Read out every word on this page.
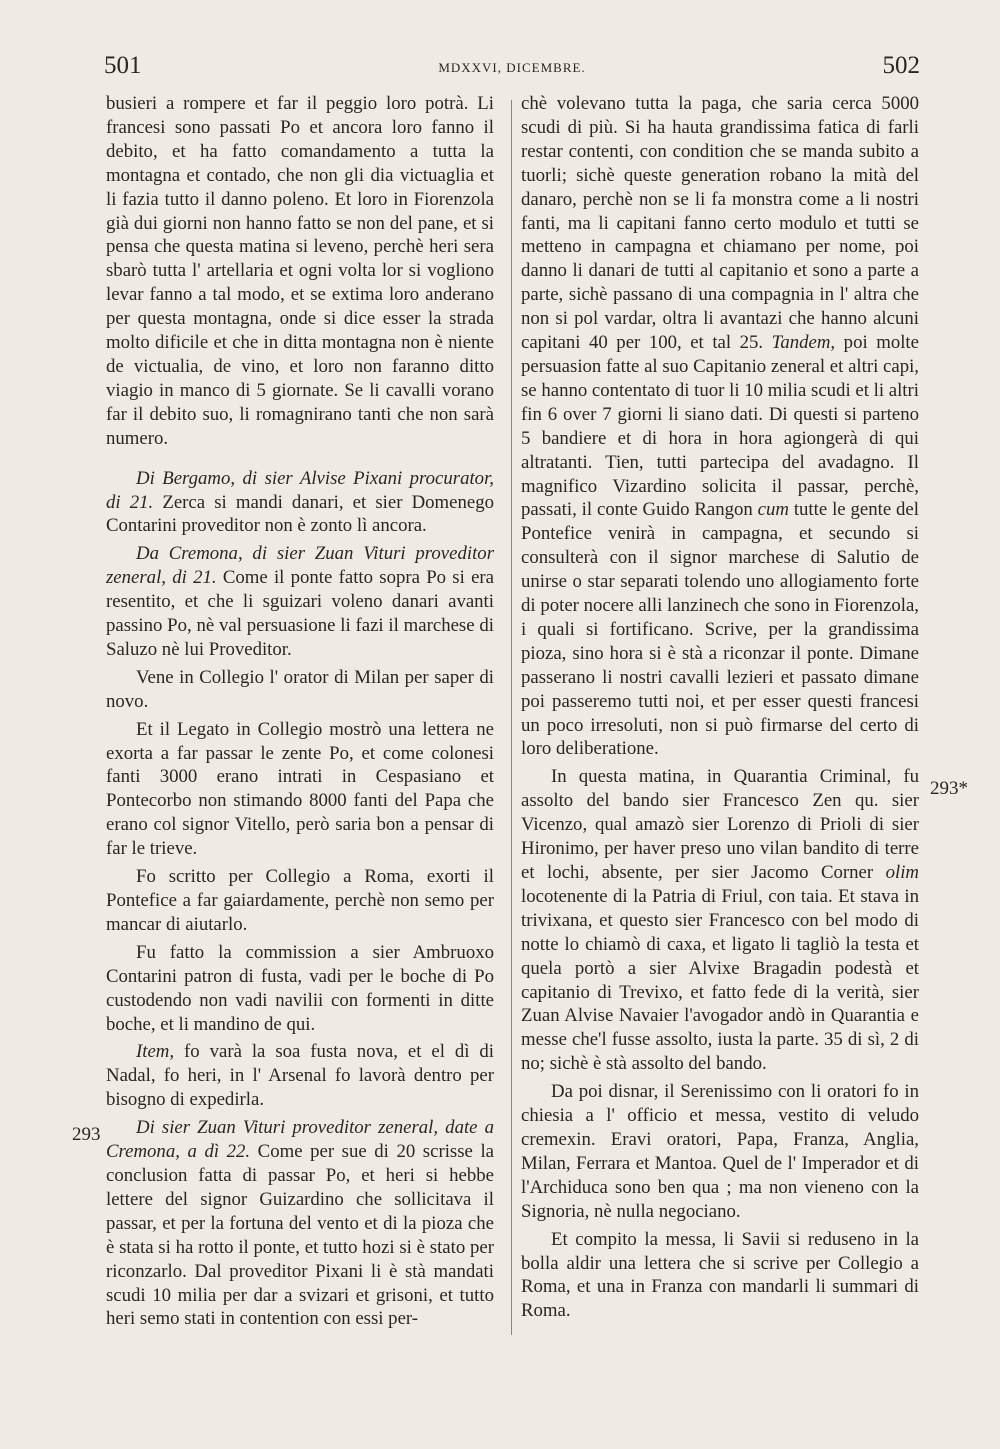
501	MDXXVI, DICEMBRE.	502
293
293*

busieri a rompere et far il peggio loro potrà. Li francesi sono passati Po et ancora loro fanno il debito, et ha fatto comandamento a tutta la montagna et contado, che non gli dia victuaglia et li fazia tutto il danno poleno. Et loro in Fiorenzola già dui giorni non hanno fatto se non del pane, et si pensa che questa matina si leveno, perchè heri sera sbarò tutta l' artellaria et ogni volta lor si vogliono levar fanno a tal modo, et se extima loro anderano per questa montagna, onde si dice esser la strada molto dificile et che in ditta montagna non è niente de victualia, de vino, et loro non faranno ditto viagio in manco di 5 giornate. Se li cavalli vorano far il debito suo, li romagnirano tanti che non sarà numero.

Di Bergamo, di sier Alvise Pixani procurator, di 21. Zerca si mandi danari, et sier Domenego Contarini proveditor non è zonto lì ancora.

Da Cremona, di sier Zuan Vituri proveditor zeneral, di 21. Come il ponte fatto sopra Po si era resentito, et che li sguizari voleno danari avanti passino Po, nè val persuasione li fazi il marchese di Saluzo nè lui Proveditor.

Vene in Collegio l' orator di Milan per saper di novo.

Et il Legato in Collegio mostrò una lettera ne exorta a far passar le zente Po, et come colonesi fanti 3000 erano intrati in Cespasiano et Pontecorbo non stimando 8000 fanti del Papa che erano col signor Vitello, però saria bon a pensar di far le trieve.

Fo scritto per Collegio a Roma, exorti il Pontefice a far gaiardamente, perchè non semo per mancar di aiutarlo.

Fu fatto la commission a sier Ambruoxo Contarini patron di fusta, vadi per le boche di Po custodendo non vadi navilii con formenti in ditte boche, et li mandino de qui.

Item, fo varà la soa fusta nova, et el dì di Nadal, fo heri, in l' Arsenal fo lavorà dentro per bisogno di expedirla.

Di sier Zuan Vituri proveditor zeneral, date a Cremona, a dì 22. Come per sue di 20 scrisse la conclusion fatta di passar Po, et heri si hebbe lettere del signor Guizardino che sollicitava il passar, et per la fortuna del vento et di la pioza che è stata si ha rotto il ponte, et tutto hozi si è stato per riconzarlo. Dal proveditor Pixani li è stà mandati scudi 10 milia per dar a svizari et grisoni, et tutto heri semo stati in contention con essi per-

chè volevano tutta la paga, che saria cerca 5000 scudi di più. Si ha hauta grandissima fatica di farli restar contenti, con condition che se manda subito a tuorli; sichè queste generation robano la mità del danaro, perchè non se li fa monstra come a li nostri fanti, ma li capitani fanno certo modulo et tutti se metteno in campagna et chiamano per nome, poi danno li danari de tutti al capitanio et sono a parte a parte, sichè passano di una compagnia in l' altra che non si pol vardar, oltra li avantazi che hanno alcuni capitani 40 per 100, et tal 25. Tandem, poi molte persuasion fatte al suo Capitanio zeneral et altri capi, se hanno contentato di tuor li 10 milia scudi et li altri fin 6 over 7 giorni li siano dati. Di questi si parteno 5 bandiere et di hora in hora agiongerà di qui altratanti. Tien, tutti partecipa del avadagno. Il magnifico Vizardino solicita il passar, perchè, passati, il conte Guido Rangon cum tutte le gente del Pontefice venirà in campagna, et secundo si consulterà con il signor marchese di Salutio de unirse o star separati tolendo uno allogiamento forte di poter nocere alli lanzinech che sono in Fiorenzola, i quali si fortificano. Scrive, per la grandissima pioza, sino hora si è stà a riconzar il ponte. Dimane passerano li nostri cavalli lezieri et passato dimane poi passeremo tutti noi, et per esser questi francesi un poco irresoluti, non si può firmarse del certo di loro deliberatione.

In questa matina, in Quarantia Criminal, fu assolto del bando sier Francesco Zen qu. sier Vicenzo, qual amazò sier Lorenzo di Prioli di sier Hironimo, per haver preso uno vilan bandito di terre et lochi, absente, per sier Jacomo Corner olim locotenente di la Patria di Friul, con taia. Et stava in trivixana, et questo sier Francesco con bel modo di notte lo chiamò di caxa, et ligato li tagliò la testa et quela portò a sier Alvixe Bragadin podestà et capitanio di Trevixo, et fatto fede di la verità, sier Zuan Alvise Navaier l'avogador andò in Quarantia e messe che'l fusse assolto, iusta la parte. 35 di sì, 2 di no; sichè è stà assolto del bando.

Da poi disnar, il Serenissimo con li oratori fo in chiesia a l' officio et messa, vestito di veludo cremexin. Eravi oratori, Papa, Franza, Anglia, Milan, Ferrara et Mantoa. Quel de l' Imperador et di l'Archiduca sono ben qua ; ma non vieneno con la Signoria, nè nulla negociano.

Et compito la messa, li Savii si reduseno in la bolla aldir una lettera che si scrive per Collegio a Roma, et una in Franza con mandarli li summari di Roma.
